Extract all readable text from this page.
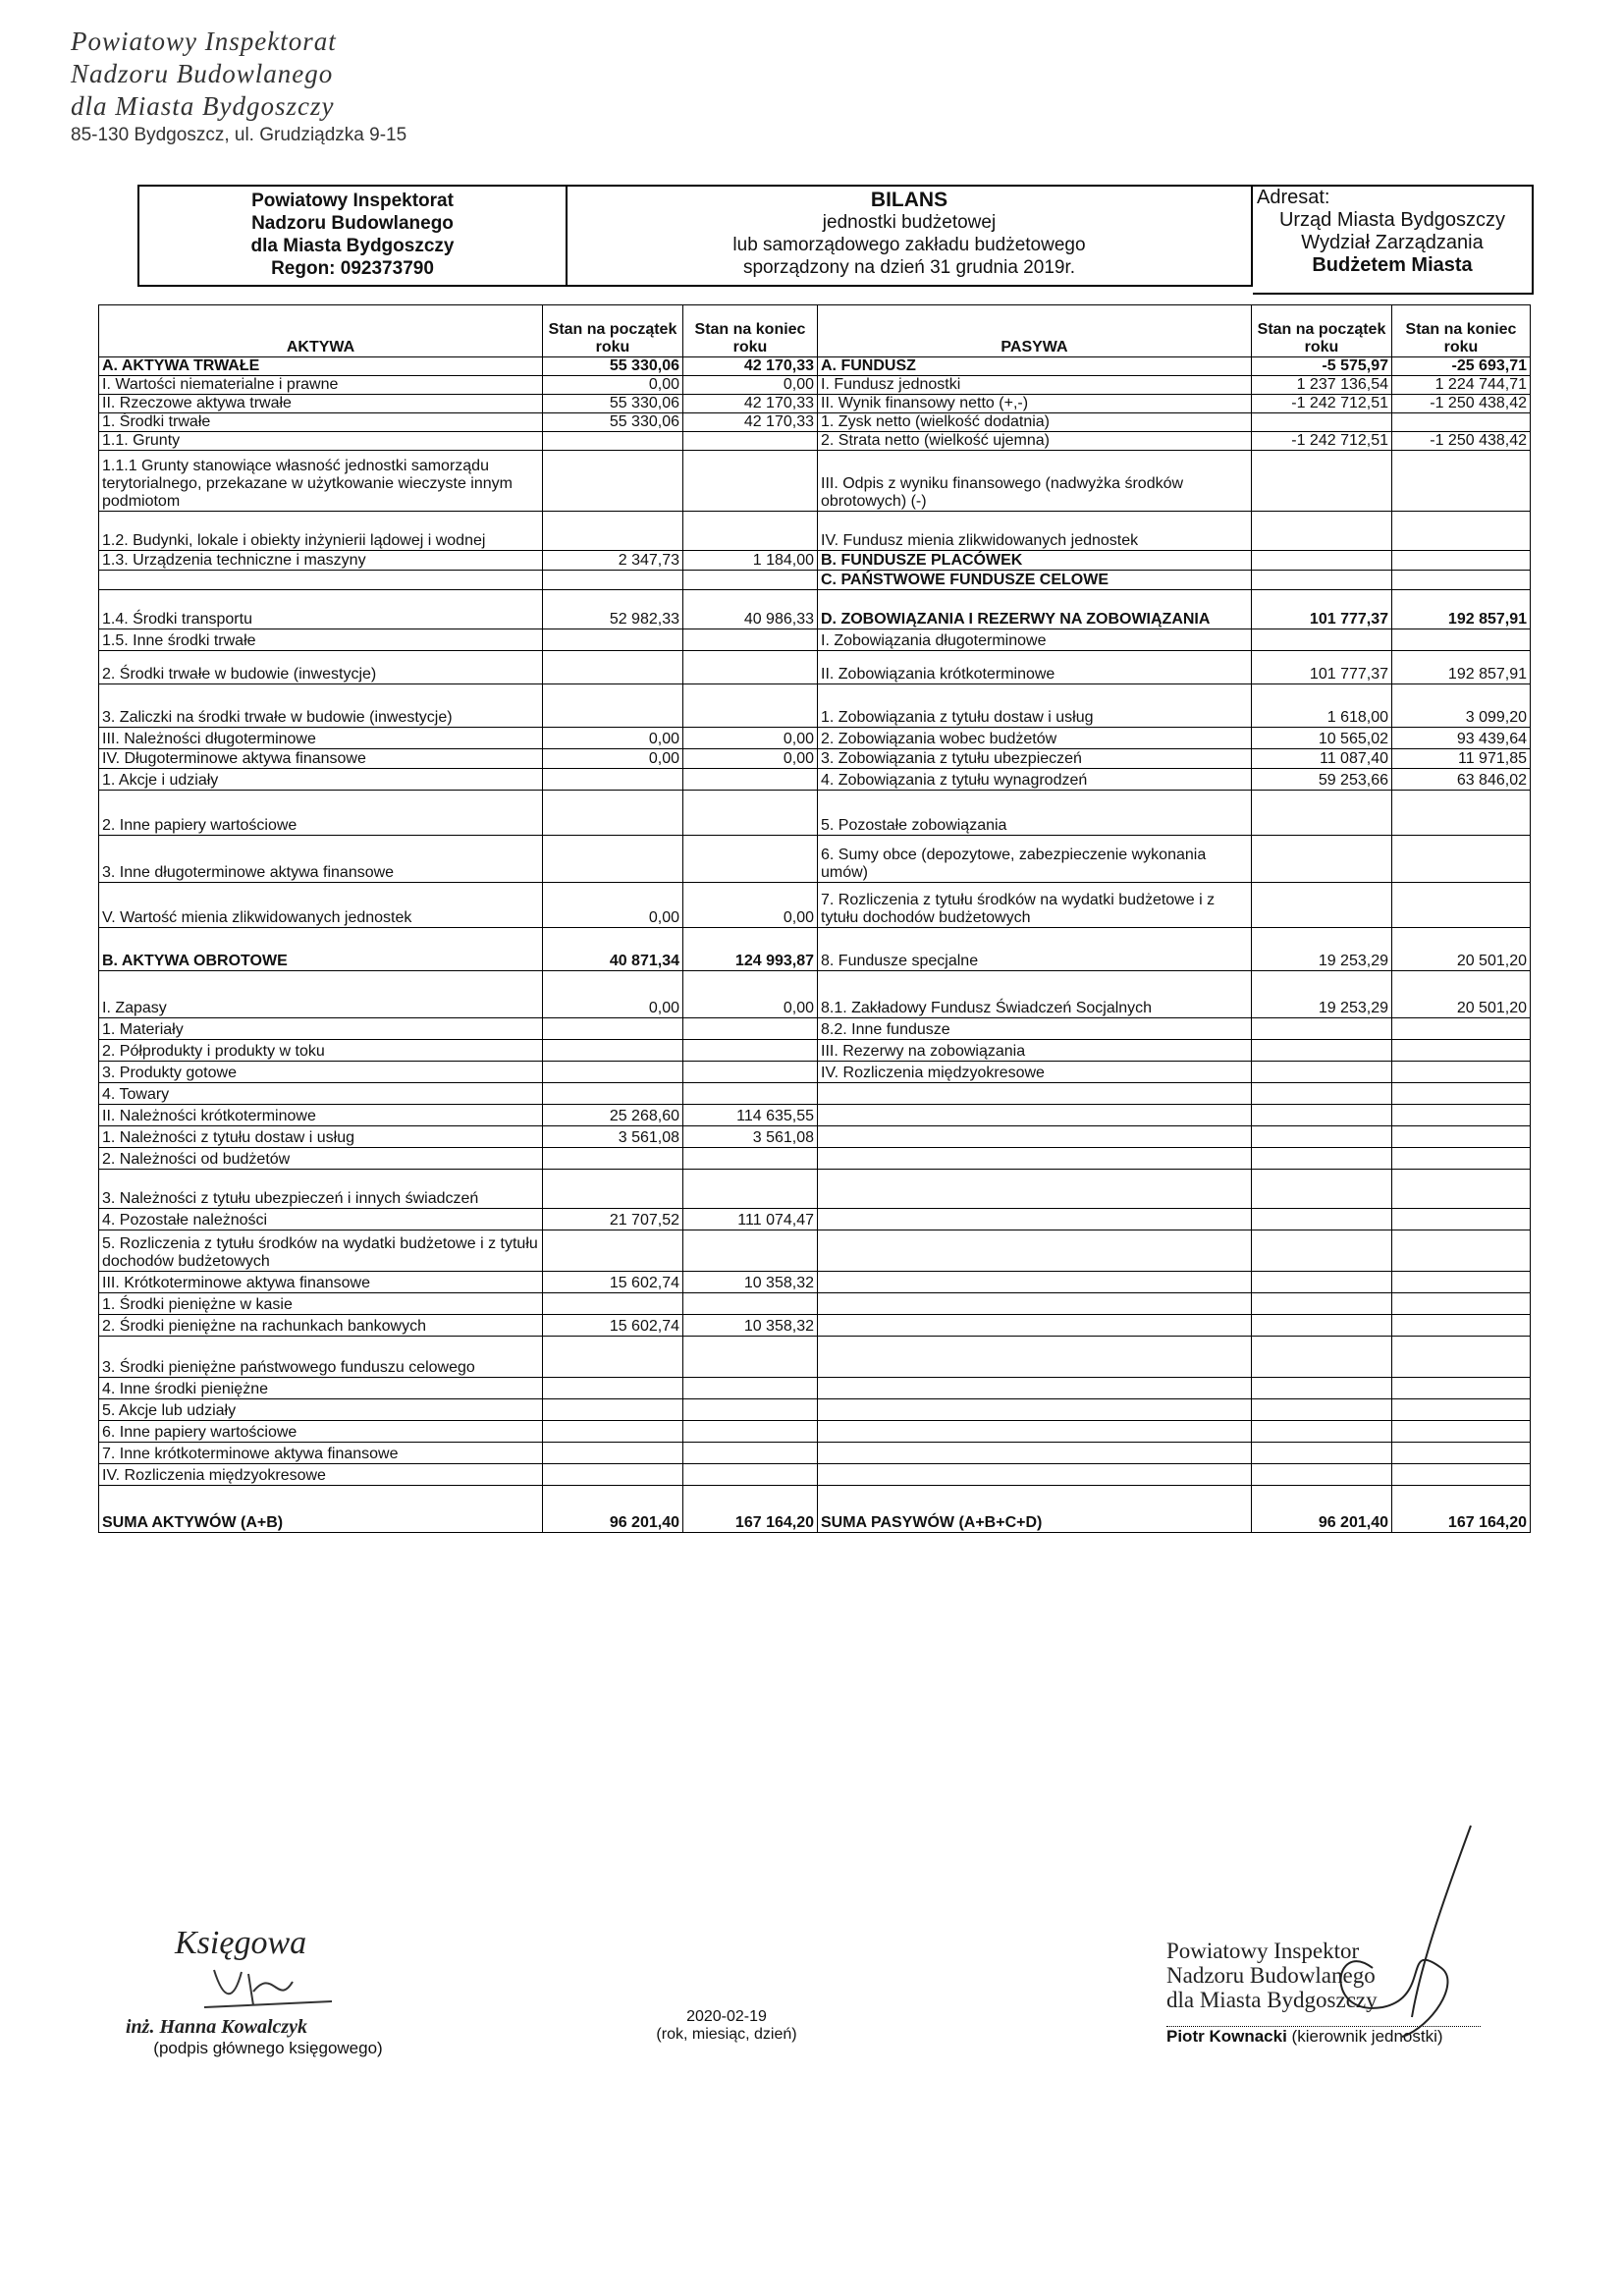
Powiatowy Inspektorat
Nadzoru Budowlanego
dla Miasta Bydgoszczy
85-130 Bydgoszcz, ul. Grudziądzka 9-15
Powiatowy Inspektorat
Nadzoru Budowlanego
dla Miasta Bydgoszczy
Regon: 092373790
BILANS
jednostki budżetowej
lub samorządowego zakładu budżetowego
sporządzony na dzień 31 grudnia 2019r.
Adresat:
Urząd Miasta Bydgoszczy
Wydział Zarządzania
Budżetem Miasta
AKTYWA	Stan na początek roku	Stan na koniec roku	PASYWA	Stan na początek roku	Stan na koniec roku
A. AKTYWA TRWAŁE	55 330,06	42 170,33	A. FUNDUSZ	-5 575,97	-25 693,71
I. Wartości niematerialne i prawne	0,00	0,00	I. Fundusz jednostki	1 237 136,54	1 224 744,71
II. Rzeczowe aktywa trwałe	55 330,06	42 170,33	II. Wynik finansowy netto (+,-)	-1 242 712,51	-1 250 438,42
1. Środki trwałe	55 330,06	42 170,33	1. Zysk netto (wielkość dodatnia)		
1.1. Grunty			2. Strata netto (wielkość ujemna)	-1 242 712,51	-1 250 438,42
1.1.1 Grunty stanowiące własność jednostki samorządu terytorialnego, przekazane w użytkowanie wieczyste innym podmiotom			III. Odpis z wyniku finansowego (nadwyżka środków obrotowych) (-)		
1.2. Budynki, lokale i obiekty inżynierii lądowej i wodnej			IV. Fundusz mienia zlikwidowanych jednostek		
1.3. Urządzenia techniczne i maszyny	2 347,73	1 184,00	B. FUNDUSZE PLACÓWEK		
			C. PAŃSTWOWE FUNDUSZE CELOWE		
1.4. Środki transportu	52 982,33	40 986,33	D. ZOBOWIĄZANIA I REZERWY NA ZOBOWIĄZANIA	101 777,37	192 857,91
1.5. Inne środki trwałe			I. Zobowiązania długoterminowe		
2. Środki trwałe w budowie (inwestycje)			II. Zobowiązania krótkoterminowe	101 777,37	192 857,91
3. Zaliczki na środki trwałe w budowie (inwestycje)			1. Zobowiązania z tytułu dostaw i usług	1 618,00	3 099,20
III. Należności długoterminowe	0,00	0,00	2. Zobowiązania wobec budżetów	10 565,02	93 439,64
IV. Długoterminowe aktywa finansowe	0,00	0,00	3. Zobowiązania z tytułu ubezpieczeń	11 087,40	11 971,85
1. Akcje i udziały			4. Zobowiązania z tytułu wynagrodzeń	59 253,66	63 846,02
2. Inne papiery wartościowe			5. Pozostałe zobowiązania		
3. Inne długoterminowe aktywa finansowe			6. Sumy obce (depozytowe, zabezpieczenie wykonania umów)		
V. Wartość mienia zlikwidowanych jednostek	0,00	0,00	7. Rozliczenia z tytułu środków na wydatki budżetowe i z tytułu dochodów budżetowych		
B. AKTYWA OBROTOWE	40 871,34	124 993,87	8. Fundusze specjalne	19 253,29	20 501,20
I. Zapasy	0,00	0,00	8.1. Zakładowy Fundusz Świadczeń Socjalnych	19 253,29	20 501,20
1. Materiały			8.2. Inne fundusze		
2. Półprodukty i produkty w toku			III. Rezerwy na zobowiązania		
3. Produkty gotowe			IV. Rozliczenia międzyokresowe		
4. Towary					
II. Należności krótkoterminowe	25 268,60	114 635,55			
1. Należności z tytułu dostaw i usług	3 561,08	3 561,08			
2. Należności od budżetów					
3. Należności z tytułu ubezpieczeń i innych świadczeń					
4. Pozostałe należności	21 707,52	111 074,47			
5. Rozliczenia z tytułu środków na wydatki budżetowe i z tytułu dochodów budżetowych					
III. Krótkoterminowe aktywa finansowe	15 602,74	10 358,32			
1. Środki pieniężne w kasie					
2. Środki pieniężne na rachunkach bankowych	15 602,74	10 358,32			
3. Środki pieniężne państwowego funduszu celowego					
4. Inne środki pieniężne					
5. Akcje lub udziały					
6. Inne papiery wartościowe					
7. Inne krótkoterminowe aktywa finansowe					
IV. Rozliczenia międzyokresowe					
SUMA AKTYWÓW (A+B)	96 201,40	167 164,20	SUMA PASYWÓW (A+B+C+D)	96 201,40	167 164,20
Księgowa
inż. Hanna Kowalczyk
(podpis głównego księgowego)
2020-02-19
(rok, miesiąc, dzień)
Powiatowy Inspektor
Nadzoru Budowlanego
dla Miasta Bydgoszczy
Piotr Kownacki (kierownik jednostki)
